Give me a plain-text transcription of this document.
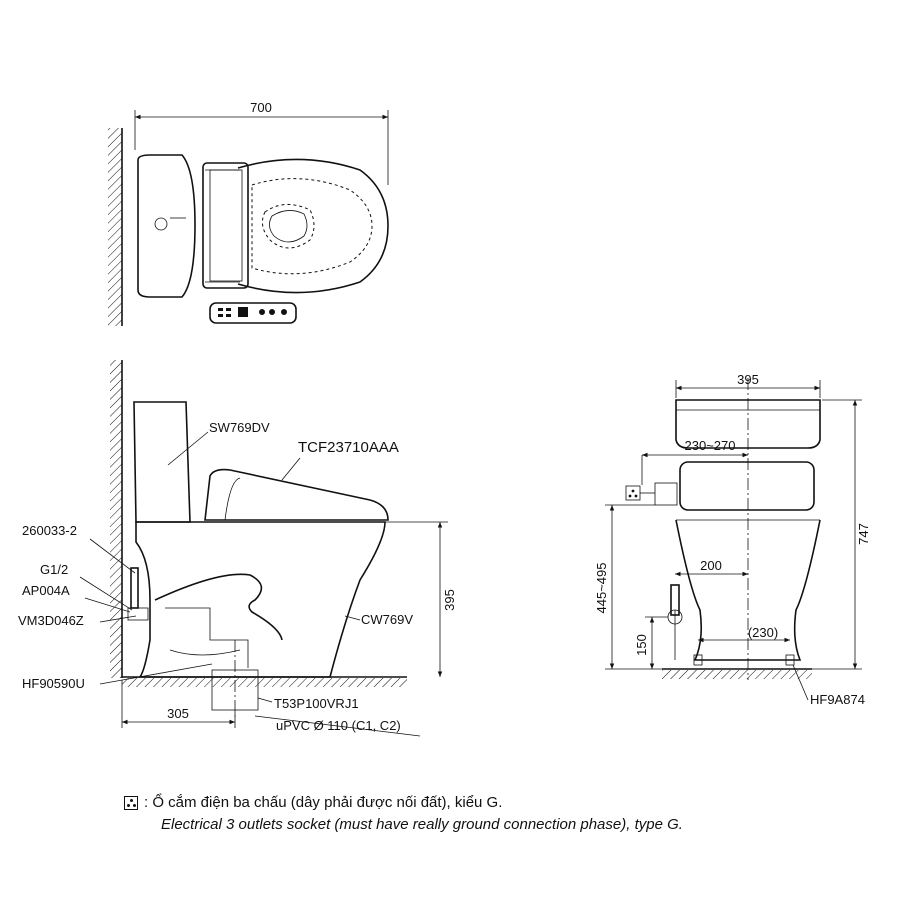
700
395
305
SW769DV
TCF23710AAA
CW769V
260033-2
G1/2
AP004A
VM3D046Z
HF90590U
T53P100VRJ1
uPVC Ø 110 (C1, C2)
395
230~270
747
445~495	200
150
(230)
HF9A874
: Ổ cắm điện ba chấu (dây phải được nối đất), kiểu G.
Electrical 3 outlets socket (must have really ground connection phase), type G.
